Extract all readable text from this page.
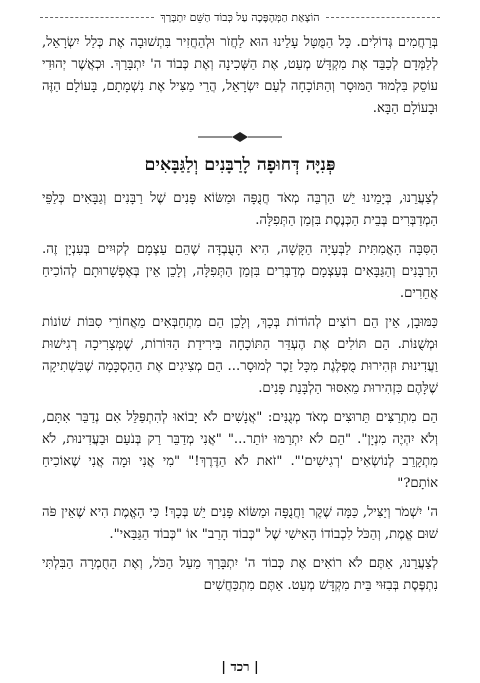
הוֹצָאַת הַמְּהָפֶּכָה עַל כְּבוֹד הַשֵּׁם יִתְבָּרַךְ

בְּרַחֲמִים גְּדוֹלִים. כָּל הַמֻּטָּל עָלֵינוּ הוּא לַחֲזֹר וּלְהַחֲזִיר בִּתְשׁוּבָה אֶת כְּלַל יִשְׂרָאֵל, לְלַמְּדָם לְכַבֵּד אֶת מִקְדָּשׁ מְעַט, אֶת הַשְּׁכִינָה וְאֶת כְּבוֹד ה' יִתְבָּרַךְ. וּכְאֲשֶׁר יְהוּדִי עוֹסֵק בִּלְמוּד הַמּוּסָר וְהַתּוֹכָחָה לְעַם יִשְׂרָאֵל, הֲרֵי מַצִּיל אֶת נִשְׁמָתָם, בָּעוֹלָם הַזֶּה וּבָעוֹלָם הַבָּא.

פְּנִיָּה דְּחוּפָה לָרַבָּנִים וְלַגַּבָּאִים

לְצַעֲרֵנוּ, בְּיָמֵינוּ יֵשׁ הַרְבֵּה מְאֹד חֲנֻפָּה וּמַשּׂוֹא פָּנִים שֶׁל רַבָּנִים וְגַבָּאִים כְּלַפֵּי הַמְדַבְּרִים בְּבֵית הַכְּנֶסֶת בִּזְמַן הַתְּפִלָּה.

הַסִּבָּה הָאֲמִתִּית לַבְּעָיָה הַקָּשָׁה, הִיא הָעֻבְדָּה שֶׁהֵם עַצְמָם לְקוּיִים בְּעִנְיָן זֶה. הָרַבָּנִים וְהַגַּבָּאִים בְּעַצְמָם מְדַבְּרִים בִּזְמַן הַתְּפִלָּה, וְלָכֵן אֵין בְּאֶפְשָׁרוּתָם לְהוֹכִיחַ אֲחֵרִים.

כַּמּוּבָן, אֵין הֵם רוֹצִים לְהוֹדוֹת בְּכָךְ, וְלָכֵן הֵם מִתְחַבְּאִים מֵאֲחוֹרֵי סִבּוֹת שׁוֹנוֹת וּמְשֻׁנּוֹת. הֵם תּוֹלִים אֶת הֶעְדֵּר הַתּוֹכָחָה בִּירִידַת הַדּוֹרוֹת, שֶׁמְּצָרִיכָה רְגִישׁוּת וַעֲדִינוּת וּזְהִירוּת מֻפְלֶגֶת מִכָּל זֵכֶר לְמוּסָר... הֵם מְצִיגִים אֶת הַהַסְכָּמָה שֶׁבִּשְׁתִיקָה שֶׁלָּהֶם כִּזְהִירוּת מֵאִסּוּר הַלְבָּנַת פָּנִים.

הֵם מִתְרַצִּים תֵּרוּצִים מְאֹד מְגֻנִּים: "אֲנָשִׁים לֹא יָבוֹאוּ לְהִתְפַּלֵּל אִם נְדַבֵּר אִתָּם, וְלֹא יִהְיֶה מִנְיָן". "הֵם לֹא יִתְרַמּוּ יוֹתֵר..." "אֲנִי מְדַבֵּר רַק בְּנֹעַם וּבַעֲדִינוּת, לֹא מִתְקָרֵב לְנוֹשְׂאִים 'רְגִישִׁים'". "זֹאת לֹא הַדֶּרֶךְ!" "מִי אֲנִי וּמָה אֲנִי שֶׁאוֹכִיחַ אוֹתָם?"

ה' יִשְׁמֹר וְיַצִּיל, כַּמָּה שֶׁקֶר וַחֲנֻפָּה וּמַשּׂוֹא פָּנִים יֵשׁ בְּכָךְ! כִּי הָאֱמֶת הִיא שֶׁאֵין פֹּה שׁוּם אֱמֶת, וְהַכֹּל לִכְבוֹדוֹ הָאִישִׁי שֶׁל "כְּבוֹד הָרַב" אוֹ "כְּבוֹד הַגַּבַּאי".

לְצַעֲרֵנוּ, אַתֶּם לֹא רוֹאִים אֶת כְּבוֹד ה' יִתְבָּרַךְ מֵעַל הַכֹּל, וְאֶת הַחֻמְרָה הַבִּלְתִּי נִתְפֶּסֶת בְּבִזּוּי בֵּית מִקְדָּשׁ מְעַט. אַתֶּם מִתְכַּחֲשִׁים

| רכד |
